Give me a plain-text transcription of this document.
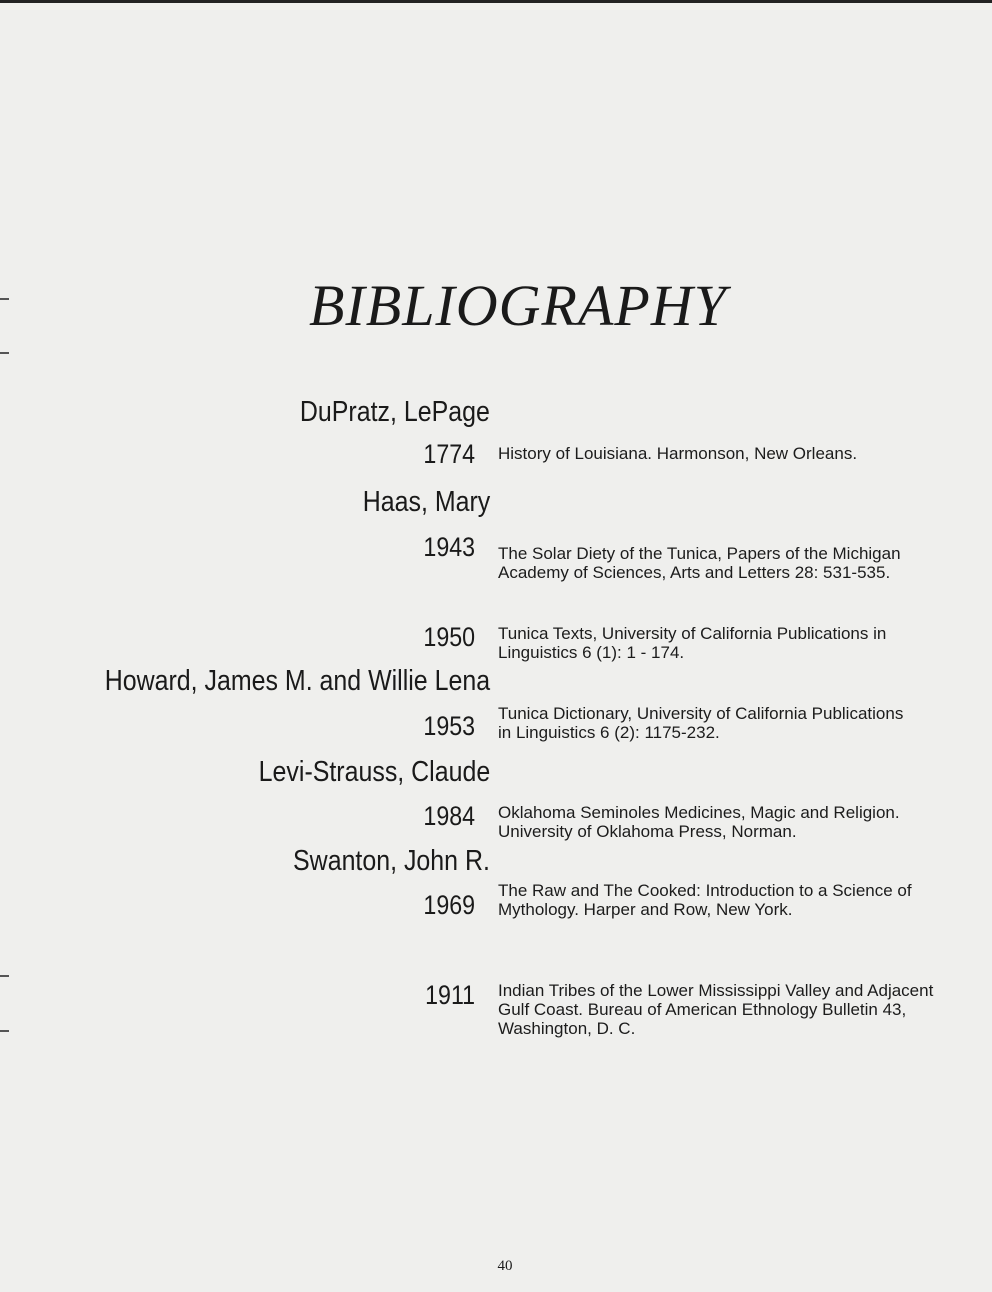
BIBLIOGRAPHY
DuPratz, LePage
1774 History of Louisiana. Harmonson, New Orleans.
Haas, Mary
1943 The Solar Diety of the Tunica, Papers of the Michigan Academy of Sciences, Arts and Letters 28: 531-535.
1950 Tunica Texts, University of California Publications in Linguistics 6 (1): 1 - 174.
Howard, James M. and Willie Lena
1953 Tunica Dictionary, University of California Publications in Linguistics 6 (2): 1175-232.
Levi-Strauss, Claude
1984 Oklahoma Seminoles Medicines, Magic and Religion. University of Oklahoma Press, Norman.
Swanton, John R.
1969 The Raw and The Cooked: Introduction to a Science of Mythology. Harper and Row, New York.
1911 Indian Tribes of the Lower Mississippi Valley and Adjacent Gulf Coast. Bureau of American Ethnology Bulletin 43, Washington, D. C.
40
